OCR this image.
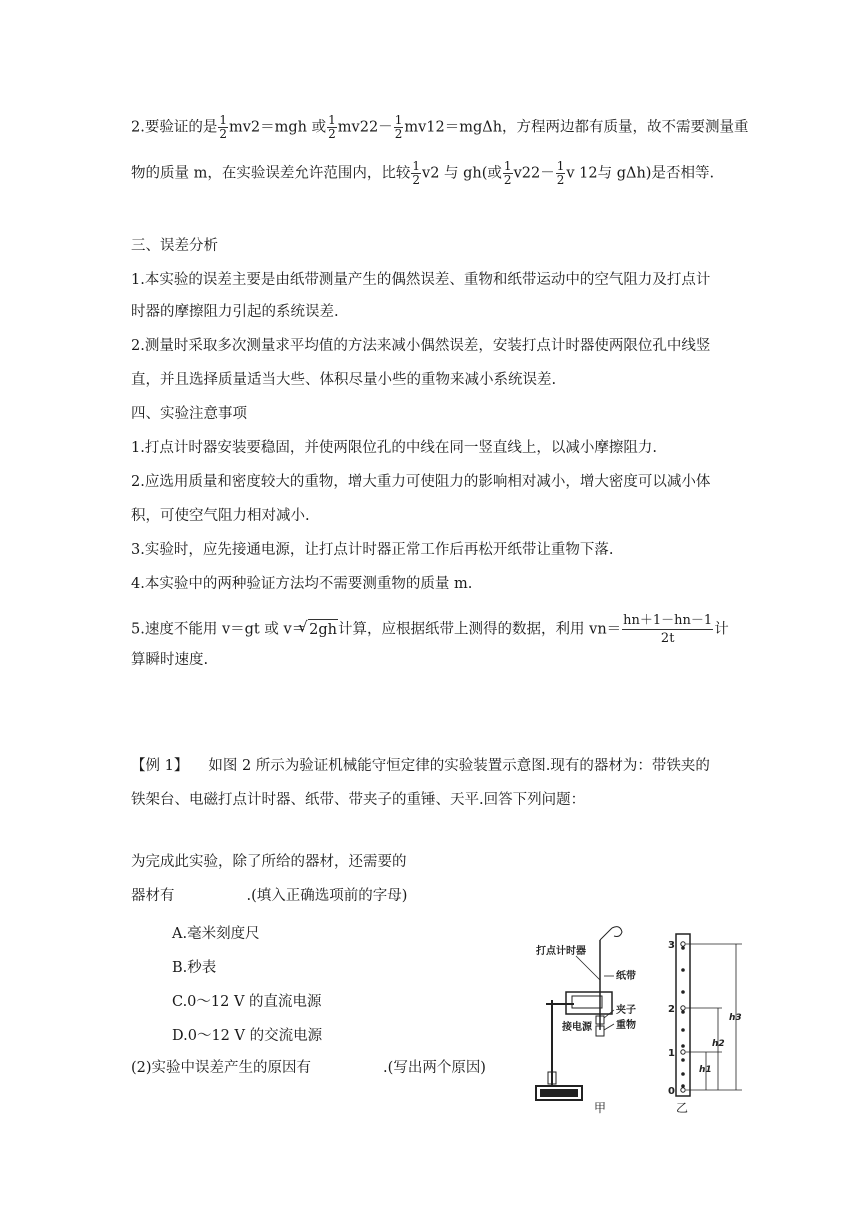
2.要验证的是 $\frac{1}{2} mv2=mgh$ 或 $\frac{1}{2} mv22- \frac{1}{2} mv12=mg\Delta h$，方程两边都有质量，故不需要测量重
物的质量 m，在实验误差允许范围内，比较 $\frac{1}{2} v2$ 与 gh(或 $\frac{1}{2} v22- \frac{1}{2}$ v 12与 gΔh)是否相等.
三、误差分析
1.本实验的误差主要是由纸带测量产生的偶然误差、重物和纸带运动中的空气阻力及打点计
时器的摩擦阻力引起的系统误差.
2.测量时采取多次测量求平均值的方法来减小偶然误差，安装打点计时器使两限位孔中线竖
直，并且选择质量适当大些、体积尽量小些的重物来减小系统误差.
四、实验注意事项
1.打点计时器安装要稳固，并使两限位孔的中线在同一竖直线上，以减小摩擦阻力.
2.应选用质量和密度较大的重物，增大重力可使阻力的影响相对减小，增大密度可以减小体
积，可使空气阻力相对减小.
3.实验时，应先接通电源，让打点计时器正常工作后再松开纸带让重物下落.
4.本实验中的两种验证方法均不需要测重物的质量 m.
5.速度不能用 v＝gt 或 v＝√ 2gh计算，应根据纸带上测得的数据，利用 $vn= \frac{hn+1-hn-1}{2t}$ 计
算瞬时速度.
【例 1】 如图 2 所示为验证机械能守恒定律的实验装置示意图.现有的器材为：带铁夹的
铁架台、电磁打点计时器、纸带、带夹子的重锤、天平.回答下列问题：
为完成此实验，除了所给的器材，还需要的
器材有	.(填入正确选项前的字母)
A.毫米刻度尺
B.秒表
C.0～12 V 的直流电源
D.0～12 V 的交流电源
(2)实验中误差产生的原因有	.(写出两个原因)
打点计时器
纸带
接电源
夹子
重物
甲
0
1
2
3
h1
h2
h3
乙
